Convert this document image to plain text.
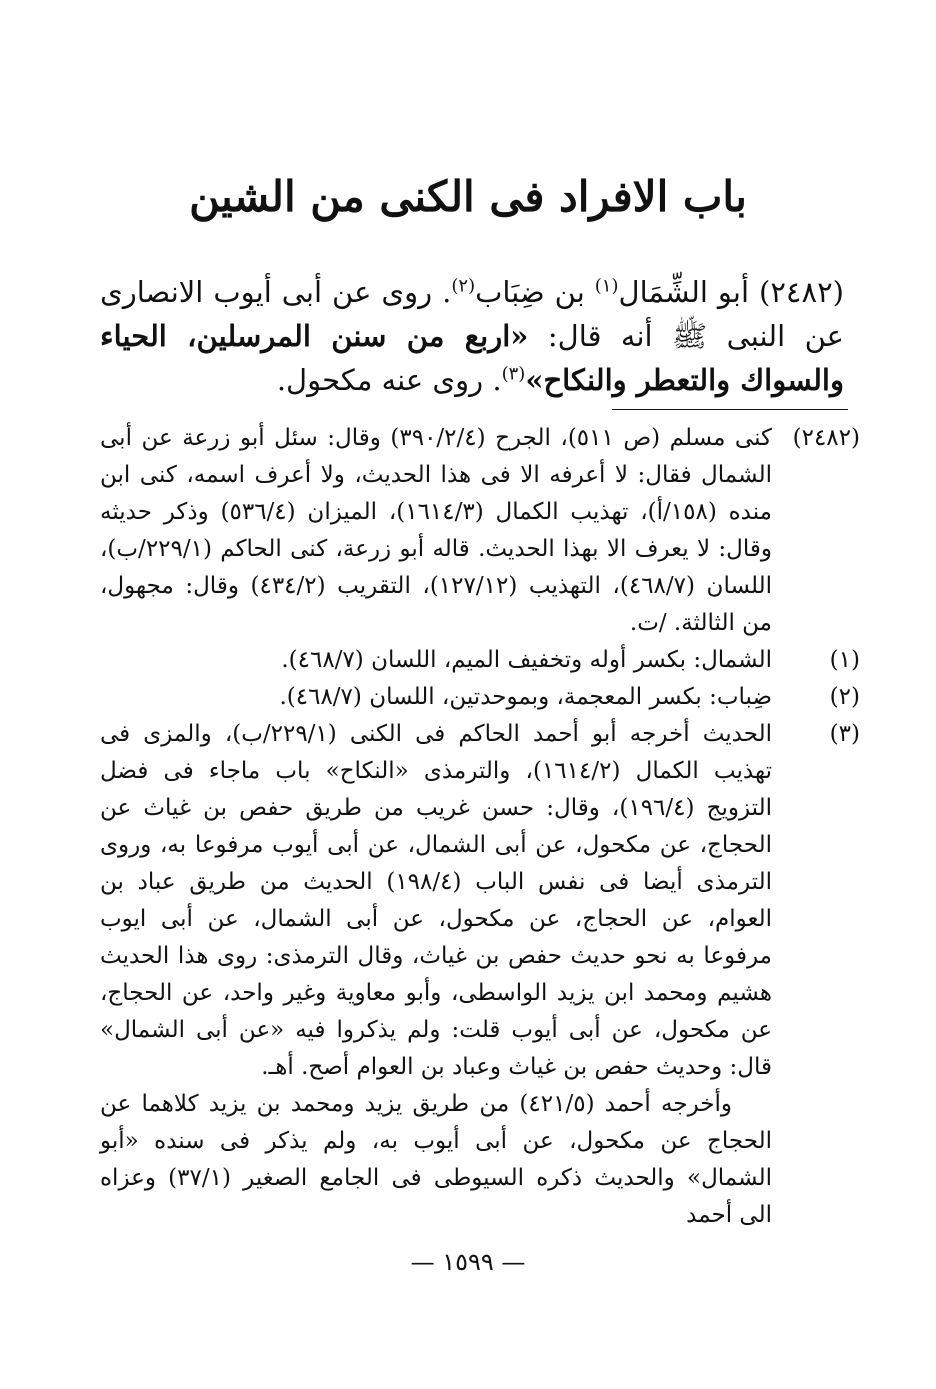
باب الافراد فى الكنى من الشين
(٢٤٨٢) أبو الشِّمَال$^{(١)}$ بن ضِبَاب$^{(٢)}$. روى عن أبى أيوب الانصارى عن النبى ﷺ أنه قال: «اربع من سنن المرسلين، الحياء والسواك والتعطر والنكاح»$^{(٣)}$. روى عنه مكحول.
(٢٤٨٢)
كنى مسلم (ص ٥١١)، الجرح (٣٩٠/٢/٤) وقال: سئل أبو زرعة عن أبى الشمال فقال: لا أعرفه الا فى هذا الحديث، ولا أعرف اسمه، كنى ابن منده (١٥٨/أ)، تهذيب الكمال (١٦١٤/٣)، الميزان (٥٣٦/٤) وذكر حديثه وقال: لا يعرف الا بهذا الحديث. قاله أبو زرعة، كنى الحاكم (٢٢٩/١/ب)، اللسان (٤٦٨/٧)، التهذيب (١٢٧/١٢)، التقريب (٤٣٤/٢) وقال: مجهول، من الثالثة. /ت.
(١)
الشمال: بكسر أوله وتخفيف الميم، اللسان (٤٦٨/٧).
(٢)
ضِباب: بكسر المعجمة، وبموحدتين، اللسان (٤٦٨/٧).
(٣)
الحديث أخرجه أبو أحمد الحاكم فى الكنى (٢٢٩/١/ب)، والمزى فى تهذيب الكمال (١٦١٤/٢)، والترمذى «النكاح» باب ماجاء فى فضل التزويج (١٩٦/٤)، وقال: حسن غريب من طريق حفص بن غياث عن الحجاج، عن مكحول، عن أبى الشمال، عن أبى أيوب مرفوعا به، وروى الترمذى أيضا فى نفس الباب (١٩٨/٤) الحديث من طريق عباد بن العوام، عن الحجاج، عن مكحول، عن أبى الشمال، عن أبى ايوب مرفوعا به نحو حديث حفص بن غياث، وقال الترمذى: روى هذا الحديث هشيم ومحمد ابن يزيد الواسطى، وأبو معاوية وغير واحد، عن الحجاج، عن مكحول، عن أبى أيوب قلت: ولم يذكروا فيه «عن أبى الشمال» قال: وحديث حفص بن غياث وعباد بن العوام أصح. أهـ.
وأخرجه أحمد (٤٢١/٥) من طريق يزيد ومحمد بن يزيد كلاهما عن الحجاج عن مكحول، عن أبى أيوب به، ولم يذكر فى سنده «أبو الشمال» والحديث ذكره السيوطى فى الجامع الصغير (٣٧/١) وعزاه الى أحمد
— ١٥٩٩ —
